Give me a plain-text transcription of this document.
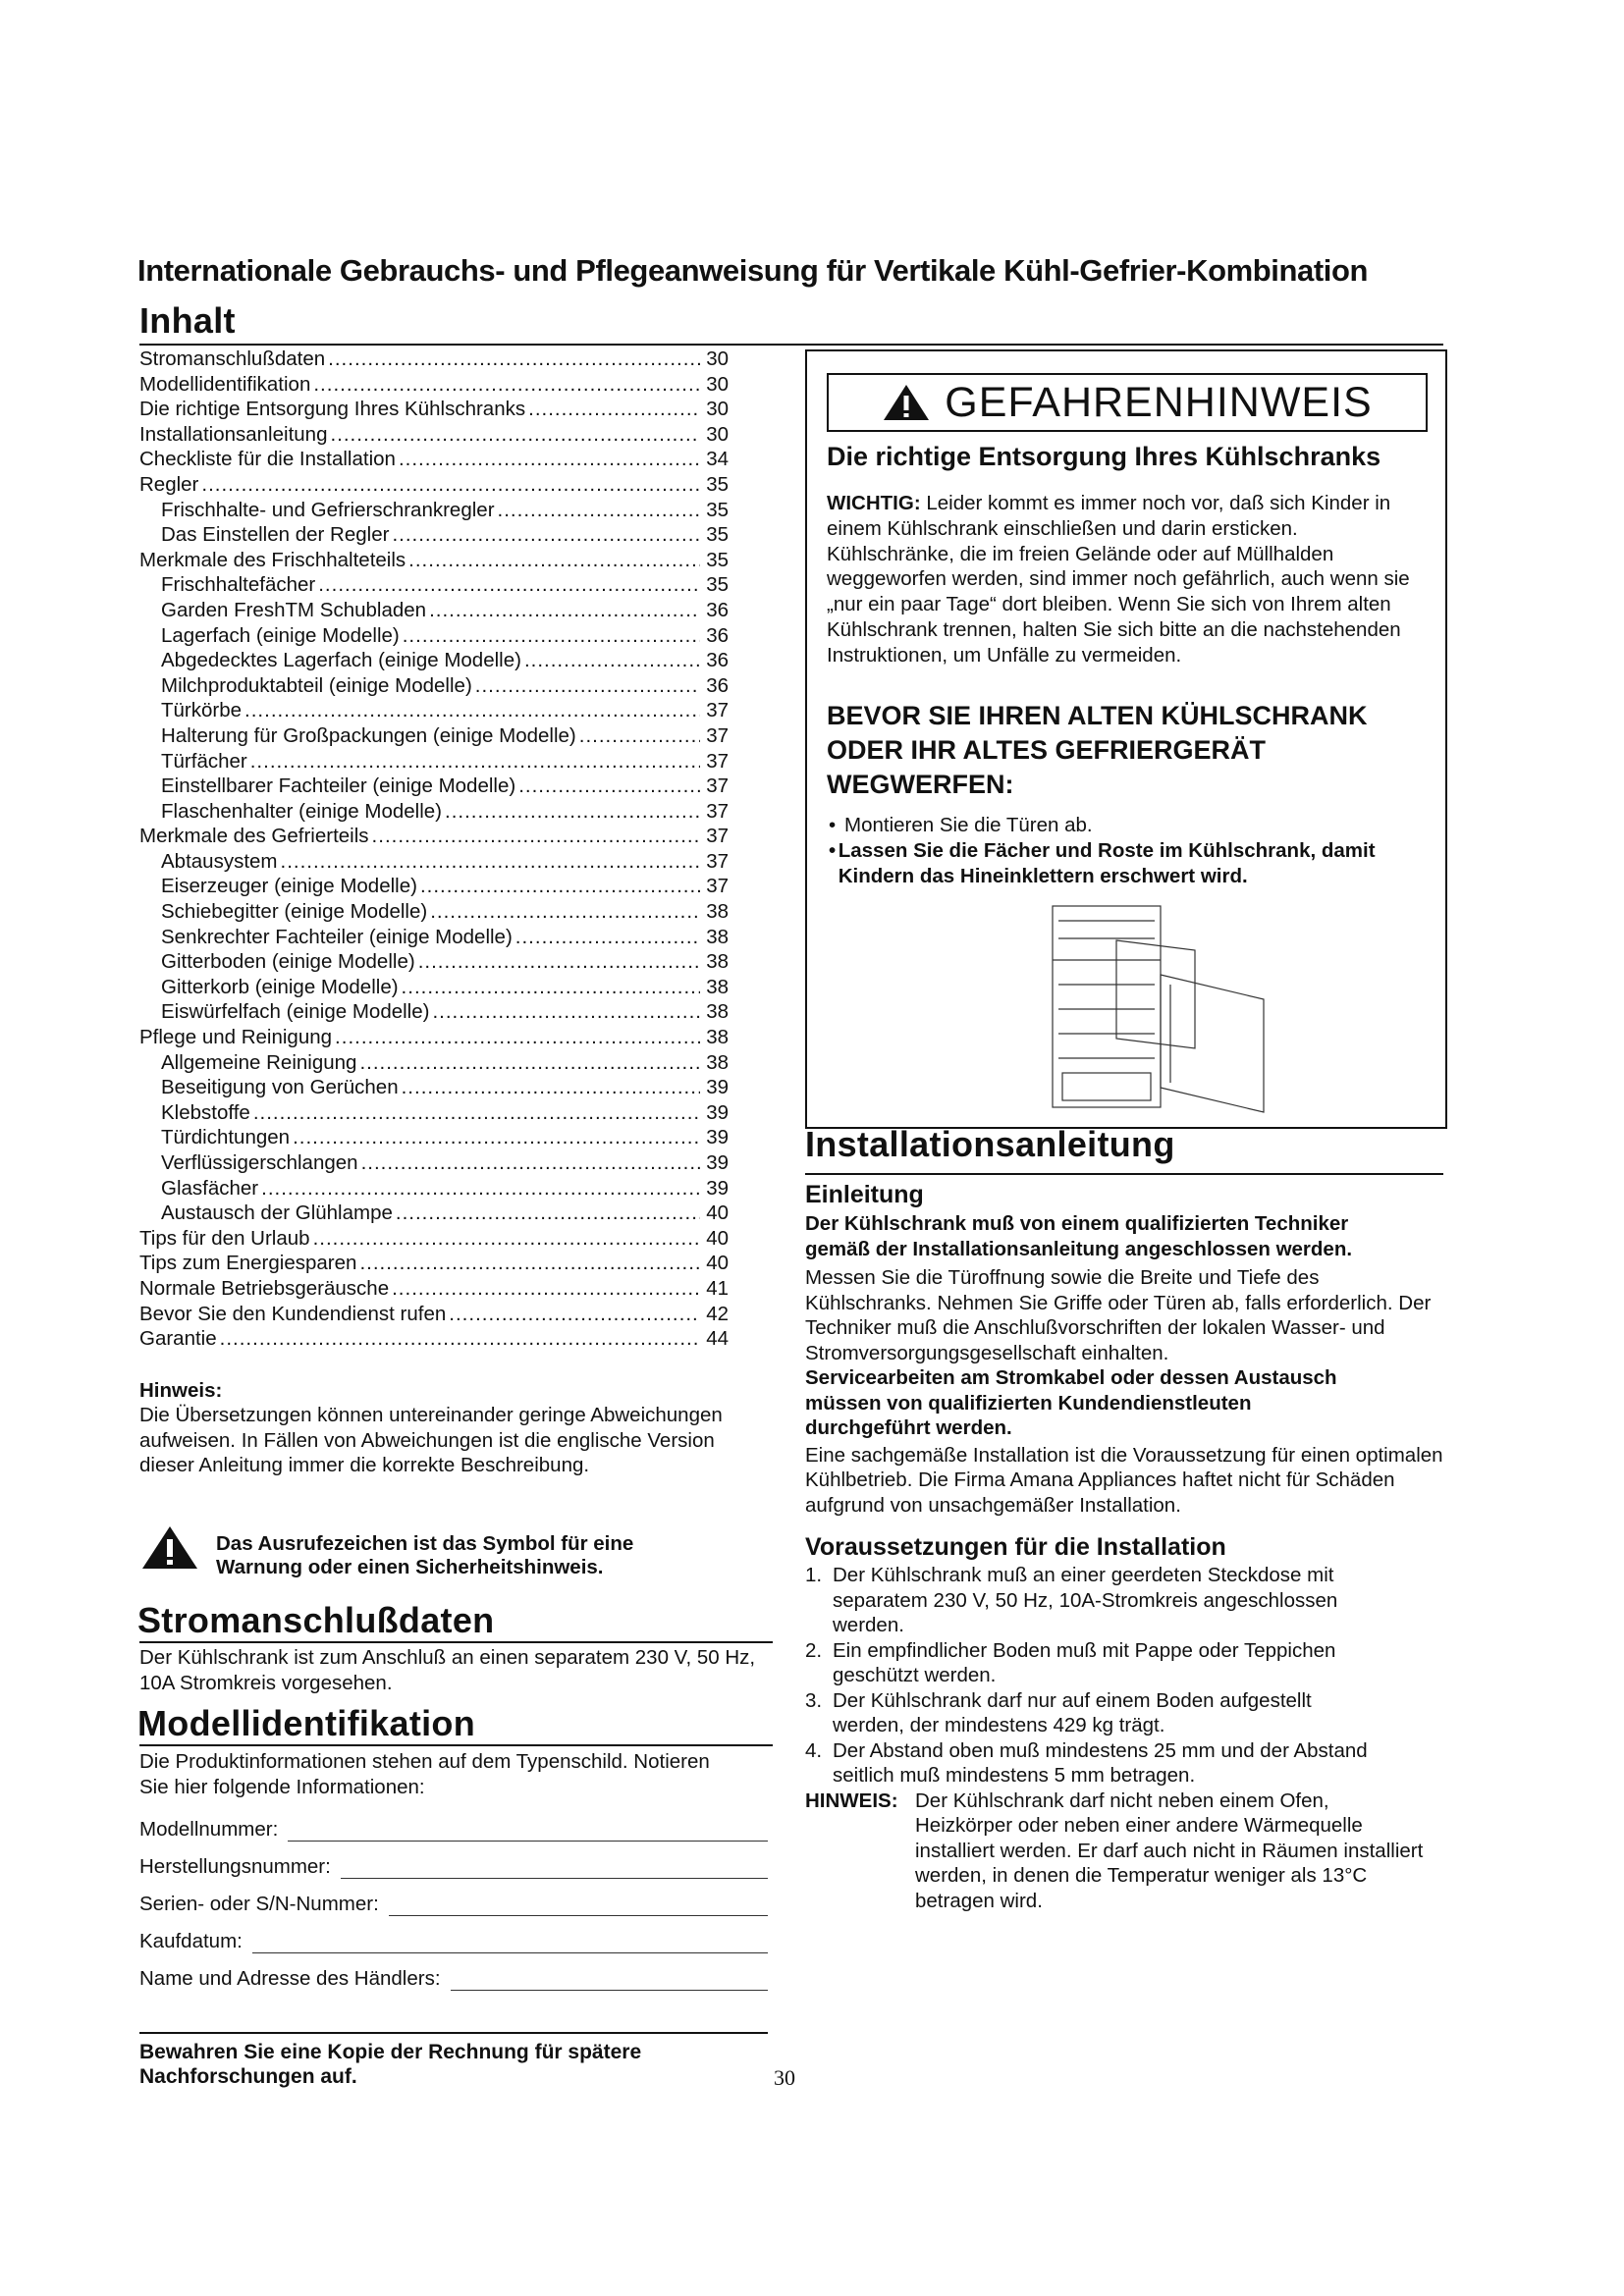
Internationale Gebrauchs- und Pflegeanweisung für Vertikale Kühl-Gefrier-Kombination
Inhalt
Stromanschlußdaten .....	30
Modellidentifikation .....	30
Die richtige Entsorgung Ihres Kühlschranks .....	30
Installationsanleitung .....	30
Checkliste für die Installation .....	34
Regler .....	35
Frischhalte- und Gefrierschrankregler .....	35
Das Einstellen der Regler .....	35
Merkmale des Frischhalteteils .....	35
Frischhaltefächer .....	35
Garden FreshTM Schubladen .....	36
Lagerfach (einige Modelle) .....	36
Abgedecktes Lagerfach (einige Modelle) .....	36
Milchproduktabteil (einige Modelle) .....	36
Türkörbe .....	37
Halterung für Großpackungen (einige Modelle) .....	37
Türfächer .....	37
Einstellbarer Fachteiler (einige Modelle) .....	37
Flaschenhalter (einige Modelle) .....	37
Merkmale des Gefrierteils .....	37
Abtausystem .....	37
Eiserzeuger (einige Modelle) .....	37
Schiebegitter (einige Modelle) .....	38
Senkrechter Fachteiler (einige Modelle) .....	38
Gitterboden (einige Modelle) .....	38
Gitterkorb (einige Modelle) .....	38
Eiswürfelfach (einige Modelle) .....	38
Pflege und Reinigung .....	38
Allgemeine Reinigung .....	38
Beseitigung von Gerüchen .....	39
Klebstoffe .....	39
Türdichtungen .....	39
Verflüssigerschlangen .....	39
Glasfächer .....	39
Austausch der Glühlampe .....	40
Tips für den Urlaub .....	40
Tips zum Energiesparen .....	40
Normale Betriebsgeräusche .....	41
Bevor Sie den Kundendienst rufen .....	42
Garantie .....	44
Hinweis:
Die Übersetzungen können untereinander geringe Abweichungen aufweisen. In Fällen von Abweichungen ist die englische Version dieser Anleitung immer die korrekte Beschreibung.
Das Ausrufezeichen ist das Symbol für eine Warnung oder einen Sicherheitshinweis.
Stromanschlußdaten
Der Kühlschrank ist zum Anschluß an einen separatem 230 V, 50 Hz, 10A Stromkreis vorgesehen.
Modellidentifikation
Die Produktinformationen stehen auf dem Typenschild. Notieren Sie hier folgende Informationen:
Modellnummer:
Herstellungsnummer:
Serien- oder S/N-Nummer:
Kaufdatum:
Name und Adresse des Händlers:
Bewahren Sie eine Kopie der Rechnung für spätere Nachforschungen auf.
GEFAHRENHINWEIS
Die richtige Entsorgung Ihres Kühlschranks
WICHTIG: Leider kommt es immer noch vor, daß sich Kinder in einem Kühlschrank einschließen und darin ersticken. Kühlschränke, die im freien Gelände oder auf Müllhalden weggeworfen werden, sind immer noch gefährlich, auch wenn sie „nur ein paar Tage“ dort bleiben. Wenn Sie sich von Ihrem alten Kühlschrank trennen, halten Sie sich bitte an die nachstehenden Instruktionen, um Unfälle zu vermeiden.
BEVOR SIE IHREN ALTEN KÜHLSCHRANK ODER IHR ALTES GEFRIERGERÄT WEGWERFEN:
• Montieren Sie die Türen ab.
• Lassen Sie die Fächer und Roste im Kühlschrank, damit Kindern das Hineinklettern erschwert wird.
Installationsanleitung
Einleitung
Der Kühlschrank muß von einem qualifizierten Techniker gemäß der Installationsanleitung angeschlossen werden.
Messen Sie die Türoffnung sowie die Breite und Tiefe des Kühlschranks. Nehmen Sie Griffe oder Türen ab, falls erforderlich. Der Techniker muß die Anschlußvorschriften der lokalen Wasser- und Stromversorgungsgesellschaft einhalten.
Servicearbeiten am Stromkabel oder dessen Austausch müssen von qualifizierten Kundendienstleuten durchgeführt werden.
Eine sachgemäße Installation ist die Voraussetzung für einen optimalen Kühlbetrieb. Die Firma Amana Appliances haftet nicht für Schäden aufgrund von unsachgemäßer Installation.
Voraussetzungen für die Installation
1. Der Kühlschrank muß an einer geerdeten Steckdose mit separatem 230 V, 50 Hz, 10A-Stromkreis angeschlossen werden.
2. Ein empfindlicher Boden muß mit Pappe oder Teppichen geschützt werden.
3. Der Kühlschrank darf nur auf einem Boden aufgestellt werden, der mindestens 429 kg trägt.
4. Der Abstand oben muß mindestens 25 mm und der Abstand seitlich muß mindestens 5 mm betragen.
HINWEIS: Der Kühlschrank darf nicht neben einem Ofen, Heizkörper oder neben einer andere Wärmequelle installiert werden. Er darf auch nicht in Räumen installiert werden, in denen die Temperatur weniger als 13°C betragen wird.
30
